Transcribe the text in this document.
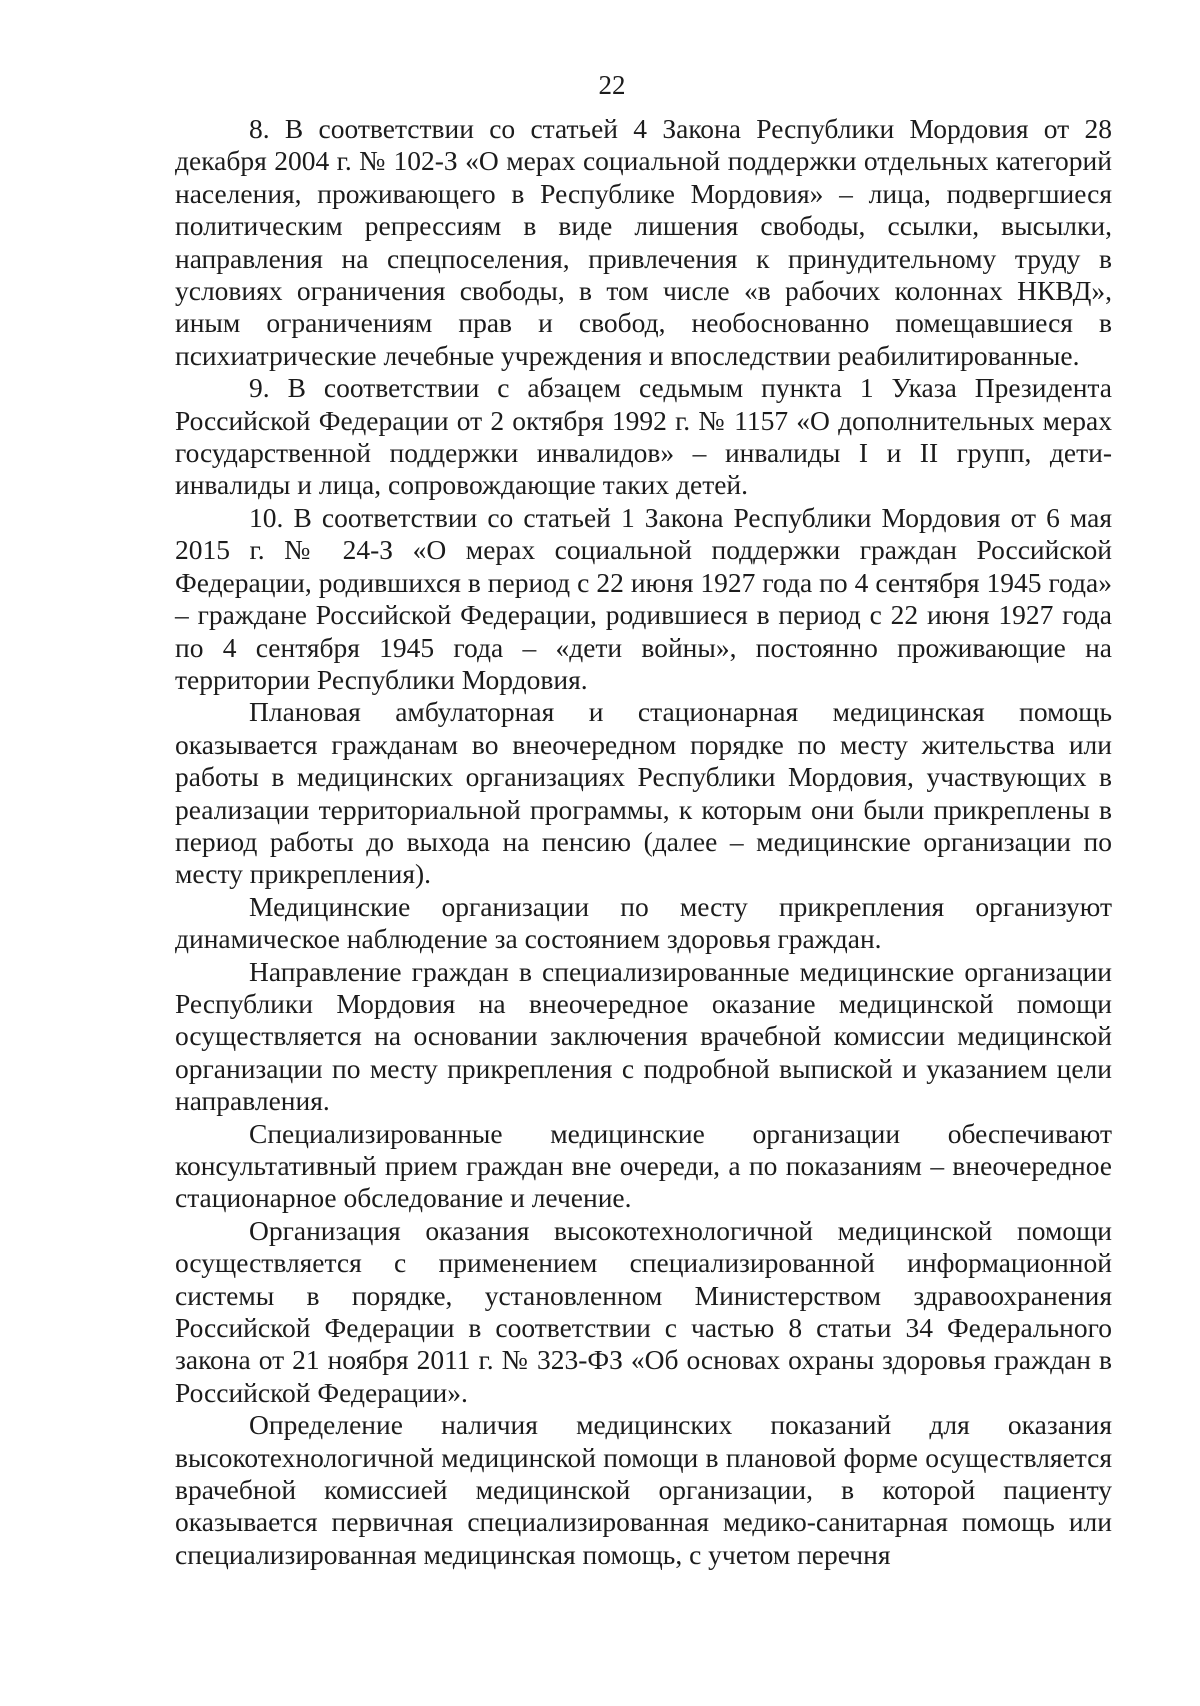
22

8. В соответствии со статьей 4 Закона Республики Мордовия от 28 декабря 2004 г. № 102-З «О мерах социальной поддержки отдельных категорий населения, проживающего в Республике Мордовия» – лица, подвергшиеся политическим репрессиям в виде лишения свободы, ссылки, высылки, направления на спецпоселения, привлечения к принудительному труду в условиях ограничения свободы, в том числе «в рабочих колоннах НКВД», иным ограничениям прав и свобод, необоснованно помещавшиеся в психиатрические лечебные учреждения и впоследствии реабилитированные.

9. В соответствии с абзацем седьмым пункта 1 Указа Президента Российской Федерации от 2 октября 1992 г. № 1157 «О дополнительных мерах государственной поддержки инвалидов» – инвалиды I и II групп, дети-инвалиды и лица, сопровождающие таких детей.

10. В соответствии со статьей 1 Закона Республики Мордовия от 6 мая 2015 г. № 24-З «О мерах социальной поддержки граждан Российской Федерации, родившихся в период с 22 июня 1927 года по 4 сентября 1945 года» – граждане Российской Федерации, родившиеся в период с 22 июня 1927 года по 4 сентября 1945 года – «дети войны», постоянно проживающие на территории Республики Мордовия.

Плановая амбулаторная и стационарная медицинская помощь оказывается гражданам во внеочередном порядке по месту жительства или работы в медицинских организациях Республики Мордовия, участвующих в реализации территориальной программы, к которым они были прикреплены в период работы до выхода на пенсию (далее – медицинские организации по месту прикрепления).

Медицинские организации по месту прикрепления организуют динамическое наблюдение за состоянием здоровья граждан.

Направление граждан в специализированные медицинские организации Республики Мордовия на внеочередное оказание медицинской помощи осуществляется на основании заключения врачебной комиссии медицинской организации по месту прикрепления с подробной выпиской и указанием цели направления.

Специализированные медицинские организации обеспечивают консультативный прием граждан вне очереди, а по показаниям – внеочередное стационарное обследование и лечение.

Организация оказания высокотехнологичной медицинской помощи осуществляется с применением специализированной информационной системы в порядке, установленном Министерством здравоохранения Российской Федерации в соответствии с частью 8 статьи 34 Федерального закона от 21 ноября 2011 г. № 323-ФЗ «Об основах охраны здоровья граждан в Российской Федерации».

Определение наличия медицинских показаний для оказания высокотехнологичной медицинской помощи в плановой форме осуществляется врачебной комиссией медицинской организации, в которой пациенту оказывается первичная специализированная медико-санитарная помощь или специализированная медицинская помощь, с учетом перечня
